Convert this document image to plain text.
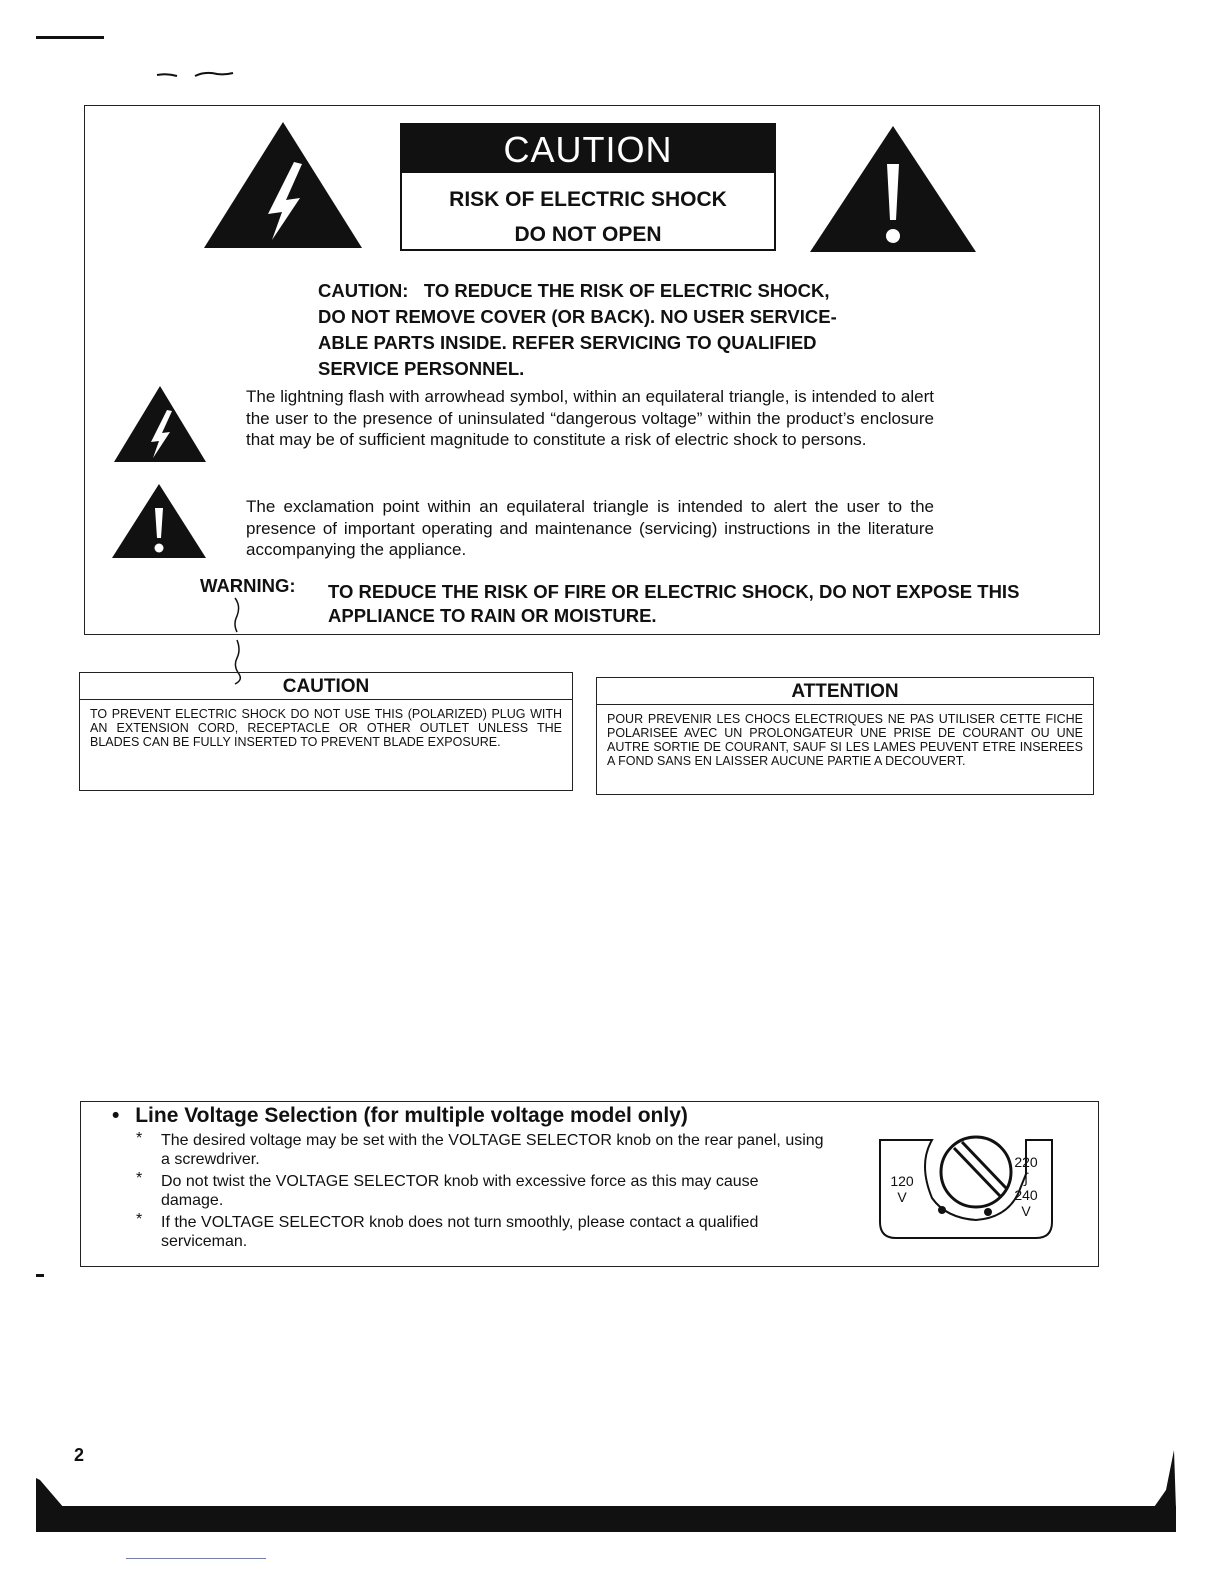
CAUTION
RISK OF ELECTRIC SHOCK
DO NOT OPEN
CAUTION:   TO REDUCE THE RISK OF ELECTRIC SHOCK,
DO NOT REMOVE COVER (OR BACK). NO USER SERVICE-
ABLE PARTS INSIDE. REFER SERVICING TO QUALIFIED
SERVICE PERSONNEL.
The lightning flash with arrowhead symbol, within an equilateral triangle, is intended to alert the user to the presence of uninsulated “dangerous voltage” within the product’s enclosure that may be of sufficient magnitude to constitute a risk of electric shock to persons.
The exclamation point within an equilateral triangle is intended to alert the user to the presence of important operating and maintenance (servicing) instructions in the literature accompanying the appliance.
WARNING: TO REDUCE THE RISK OF FIRE OR ELECTRIC SHOCK, DO NOT EXPOSE THIS APPLIANCE TO RAIN OR MOISTURE.
CAUTION
TO PREVENT ELECTRIC SHOCK DO NOT USE THIS (POLARIZED) PLUG WITH AN EXTENSION CORD, RECEPTACLE OR OTHER OUTLET UNLESS THE BLADES CAN BE FULLY INSERTED TO PREVENT BLADE EXPOSURE.
ATTENTION
POUR PREVENIR LES CHOCS ELECTRIQUES NE PAS UTILISER CETTE FICHE POLARISEE AVEC UN PROLONGATEUR UNE PRISE DE COURANT OU UNE AUTRE SORTIE DE COURANT, SAUF SI LES LAMES PEUVENT ETRE INSEREES A FOND SANS EN LAISSER AUCUNE PARTIE A DECOUVERT.
• Line Voltage Selection (for multiple voltage model only)
* The desired voltage may be set with the VOLTAGE SELECTOR knob on the rear panel, using a screwdriver.
* Do not twist the VOLTAGE SELECTOR knob with excessive force as this may cause damage.
* If the VOLTAGE SELECTOR knob does not turn smoothly, please contact a qualified serviceman.
120
V
220
∫
240
V
2
